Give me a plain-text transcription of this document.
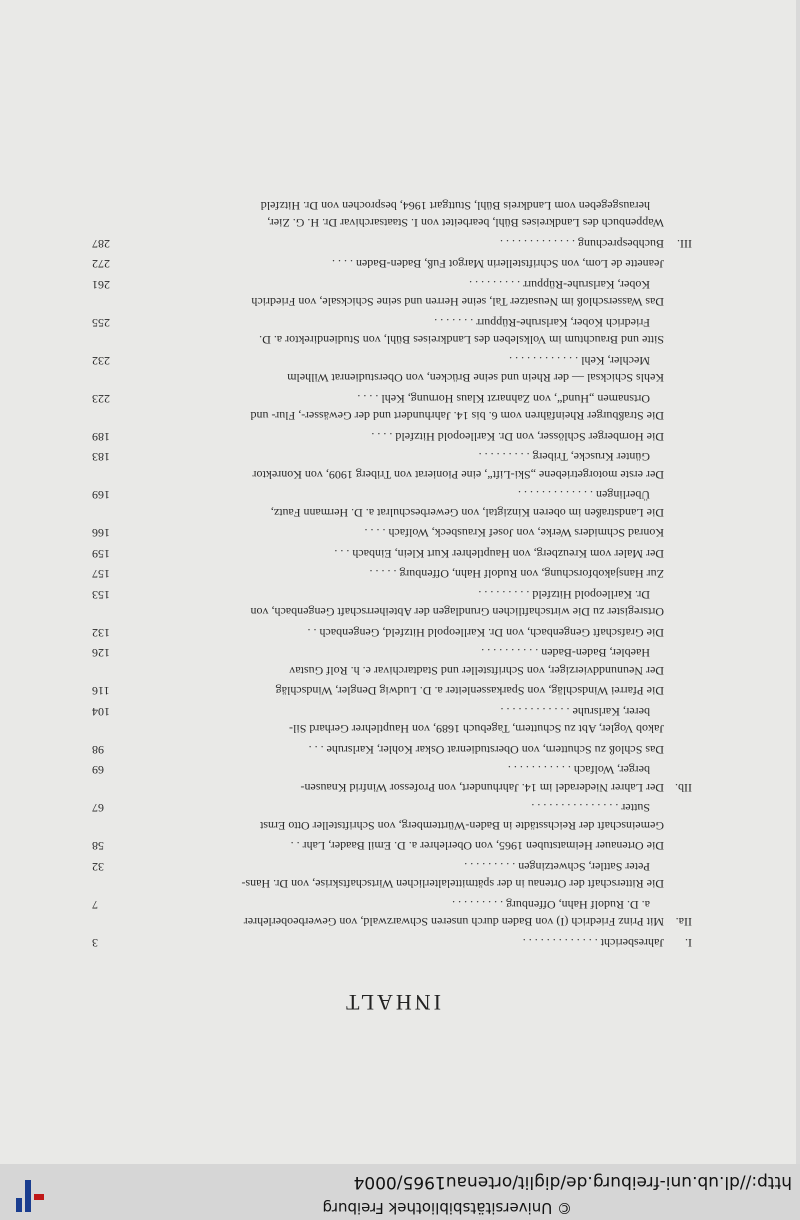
© Universitätsbibliothek Freiburg
http://dl.ub.uni-freiburg.de/diglit/ortenau1965/0004
INHALT
I.
Jahresbericht . . . . . . . . . . . . .
3
IIa.
Mit Prinz Friedrich (I) von Baden durch unseren Schwarzwald, von Gewerbeoberlehrer
a. D. Rudolf Hahn, Offenburg . . . . . . . . .
7
Die Ritterschaft der Ortenau in der spätmittelalterlichen Wirtschaftskrise, von Dr. Hans-
Peter Sattler, Schwetzingen . . . . . . . . .
32
Die Ortenauer Heimatstuben 1965, von Oberlehrer a. D. Emil Baader, Lahr . .
58
Gemeinschaft der Reichsstädte in Baden-Württemberg, von Schriftsteller Otto Ernst
Sutter . . . . . . . . . . . . . . .
67
IIb.
Der Lahrer Niederadel im 14. Jahrhundert, von Professor Winfrid Knausen-
berger, Wolfach . . . . . . . . . . .
69
Das Schloß zu Schuttern, von Oberstudienrat Oskar Kohler, Karlsruhe . . .
98
Jakob Vogler, Abt zu Schuttern, Tagebuch 1689, von Hauptlehrer Gerhard Sil-
berer, Karlsruhe . . . . . . . . . . . .
104
Die Pfarrei Windschläg, von Sparkassenleiter a. D. Ludwig Dengler, Windschläg
116
Der Neununddvierziger, von Schriftsteller und Stadtarchivar e. h. Rolf Gustav
Haebler, Baden-Baden . . . . . . . . . .
126
Die Grafschaft Gengenbach, von Dr. Karlleopold Hitzfeld, Gengenbach . .
132
Ortsregister zu Die wirtschaftlichen Grundlagen der Abteiherrschaft Gengenbach, von
Dr. Karlleopold Hitzfeld . . . . . . . . .
153
Zur Hansjakobforschung, von Rudolf Hahn, Offenburg . . . . .
157
Der Maler vom Kreuzberg, von Hauptlehrer Kurt Klein, Einbach . . .
159
Konrad Schmiders Werke, von Josef Krausbeck, Wolfach . . . .
166
Die Landstraßen im oberen Kinzigtal, von Gewerbeschulrat a. D. Hermann Fautz,
Überlingen . . . . . . . . . . . . .
169
Der erste motorgetriebene „Ski-Lift“, eine Pionierat von Triberg 1909, von Konrektor
Günter Kruscke, Triberg . . . . . . . . .
183
Die Hornberger Schlösser, von Dr. Karlleopold Hitzfeld . . . .
189
Die Straßburger Rheinfähren vom 6. bis 14. Jahrhundert und der Gewässer-, Flur- und
Ortsnamen „Hund“, von Zahnarzt Klaus Hornung, Kehl . . . .
223
Kehls Schicksal — der Rhein und seine Brücken, von Oberstudienrat Wilhelm
Mechler, Kehl . . . . . . . . . . . .
232
Sitte und Brauchtum im Volksleben des Landkreises Bühl, von Studiendirektor a. D.
Friedrich Kober, Karlsruhe-Rüppurr . . . . . . .
255
Das Wasserschloß im Neusatzer Tal, seine Herren und seine Schicksale, von Friedrich
Kober, Karlsruhe-Rüppurr . . . . . . . . .
261
Jeanette de Lom, von Schriftstellerin Margot Fuß, Baden-Baden . . . .
272
III.
Buchbesprechung . . . . . . . . . . . . .
287
Wappenbuch des Landkreises Bühl, bearbeitet von I. Staatsarchivar Dr. H. G. Zier,
herausgegeben vom Landkreis Bühl, Stuttgart 1964, besprochen von Dr. Hitzfeld
